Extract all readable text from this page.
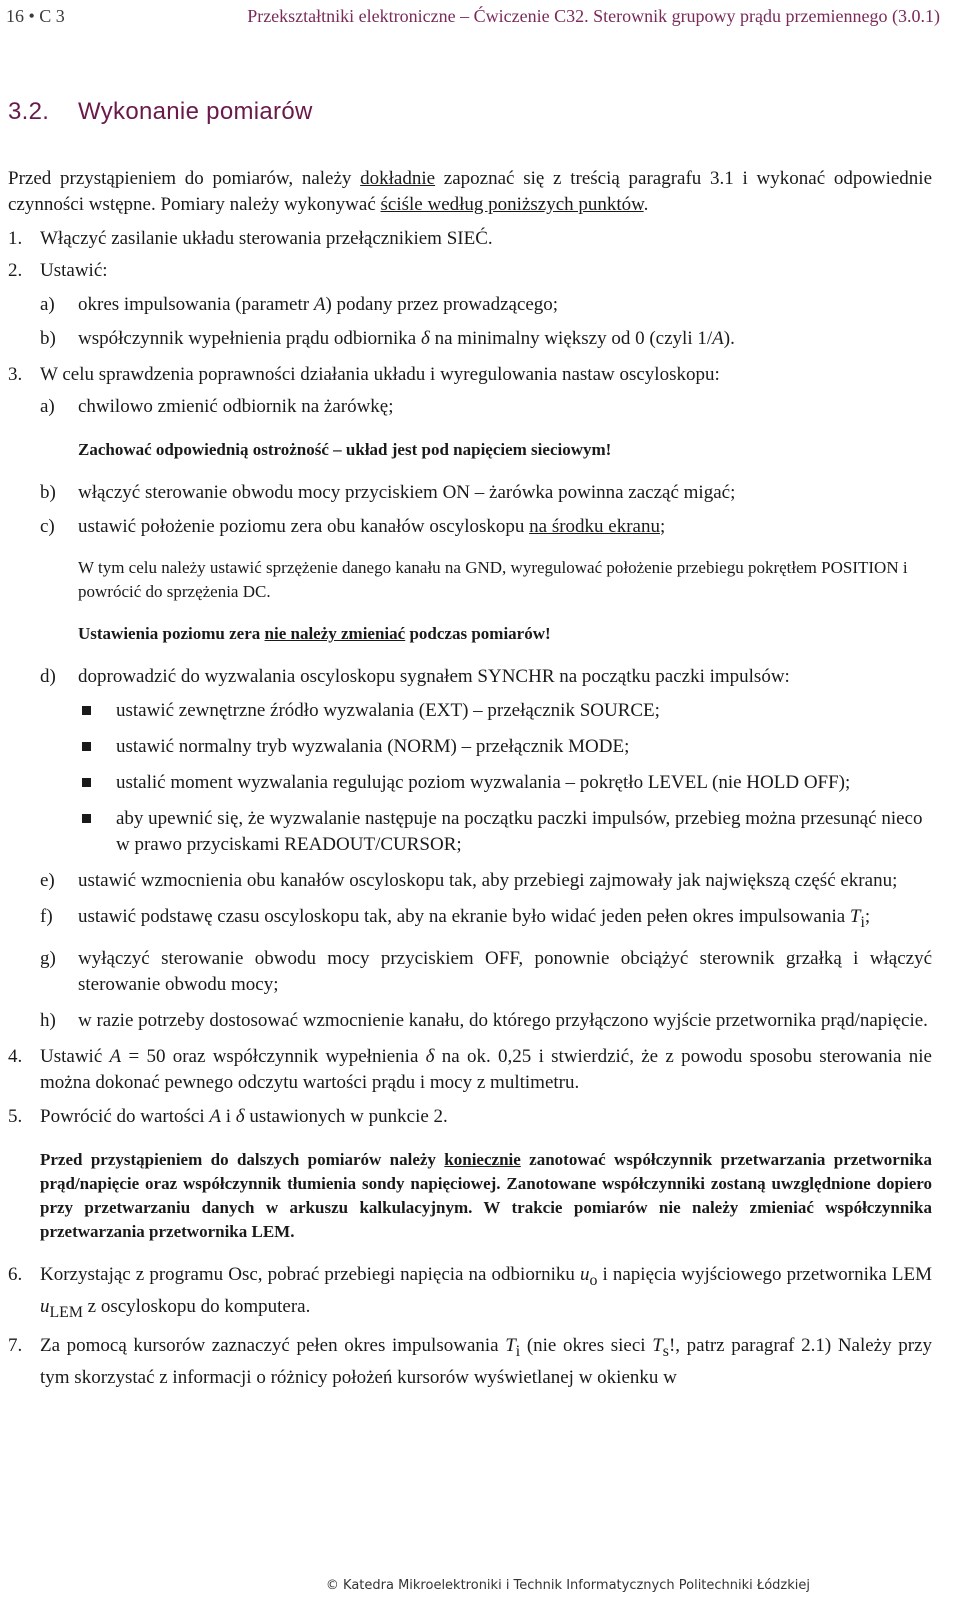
16 • C 3	Przekształtniki elektroniczne – Ćwiczenie C32. Sterownik grupowy prądu przemiennego (3.0.1)
3.2. Wykonanie pomiarów

Przed przystąpieniem do pomiarów, należy dokładnie zapoznać się z treścią paragrafu 3.1 i wykonać odpowiednie czynności wstępne. Pomiary należy wykonywać ściśle według poniższych punktów.

1. Włączyć zasilanie układu sterowania przełącznikiem SIEĆ.

2. Ustawić:

a) okres impulsowania (parametr A) podany przez prowadzącego;

b) współczynnik wypełnienia prądu odbiornika δ na minimalny większy od 0 (czyli 1/A).

3. W celu sprawdzenia poprawności działania układu i wyregulowania nastaw oscyloskopu:

a) chwilowo zmienić odbiornik na żarówkę;

Zachować odpowiednią ostrożność – układ jest pod napięciem sieciowym!

b) włączyć sterowanie obwodu mocy przyciskiem ON – żarówka powinna zacząć migać;

c) ustawić położenie poziomu zera obu kanałów oscyloskopu na środku ekranu;

W tym celu należy ustawić sprzężenie danego kanału na GND, wyregulować położenie przebiegu pokrętłem POSITION i powrócić do sprzężenia DC.

Ustawienia poziomu zera nie należy zmieniać podczas pomiarów!

d) doprowadzić do wyzwalania oscyloskopu sygnałem SYNCHR na początku paczki impulsów:

ustawić zewnętrzne źródło wyzwalania (EXT) – przełącznik SOURCE;

ustawić normalny tryb wyzwalania (NORM) – przełącznik MODE;

ustalić moment wyzwalania regulując poziom wyzwalania – pokrętło LEVEL (nie HOLD OFF);

aby upewnić się, że wyzwalanie następuje na początku paczki impulsów, przebieg można przesunąć nieco w prawo przyciskami READOUT/CURSOR;

e) ustawić wzmocnienia obu kanałów oscyloskopu tak, aby przebiegi zajmowały jak największą część ekranu;

f) ustawić podstawę czasu oscyloskopu tak, aby na ekranie było widać jeden pełen okres impulsowania $T_i$;

g) wyłączyć sterowanie obwodu mocy przyciskiem OFF, ponownie obciążyć sterownik grzałką i włączyć sterowanie obwodu mocy;

h) w razie potrzeby dostosować wzmocnienie kanału, do którego przyłączono wyjście przetwornika prąd/napięcie.

4. Ustawić A = 50 oraz współczynnik wypełnienia δ na ok. 0,25 i stwierdzić, że z powodu sposobu sterowania nie można dokonać pewnego odczytu wartości prądu i mocy z multimetru.

5. Powrócić do wartości A i δ ustawionych w punkcie 2.

Przed przystąpieniem do dalszych pomiarów należy koniecznie zanotować współczynnik przetwarzania przetwornika prąd/napięcie oraz współczynnik tłumienia sondy napięciowej. Zanotowane współczynniki zostaną uwzględnione dopiero przy przetwarzaniu danych w arkuszu kalkulacyjnym. W trakcie pomiarów nie należy zmieniać współczynnika przetwarzania przetwornika LEM.

6. Korzystając z programu Osc, pobrać przebiegi napięcia na odbiorniku $u_o$ i napięcia wyjściowego przetwornika LEM $u_{LEM}$ z oscyloskopu do komputera.

7. Za pomocą kursorów zaznaczyć pełen okres impulsowania $T_i$ (nie okres sieci $T_s$!, patrz paragraf 2.1) Należy przy tym skorzystać z informacji o różnicy położeń kursorów wyświetlanej w okienku w

© Katedra Mikroelektroniki i Technik Informatycznych Politechniki Łódzkiej
